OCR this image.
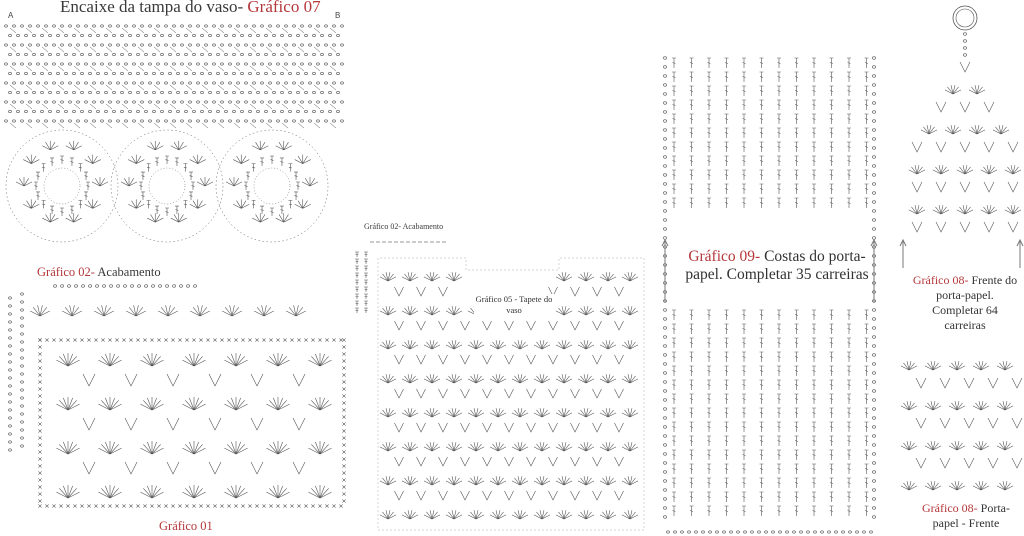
Encaixe da tampa do vaso- Gráfico 07
A	B
Gráfico 02- Acabamento
Gráfico 01
Gráfico 02- Acabamento
Gráfico 05 - Tapete do vaso
Gráfico 09- Costas do porta-papel. Completar 35 carreiras	Gráfico 08- Frente do porta-papel. Completar 64 carreiras
Gráfico 08- Porta-papel - Frente
